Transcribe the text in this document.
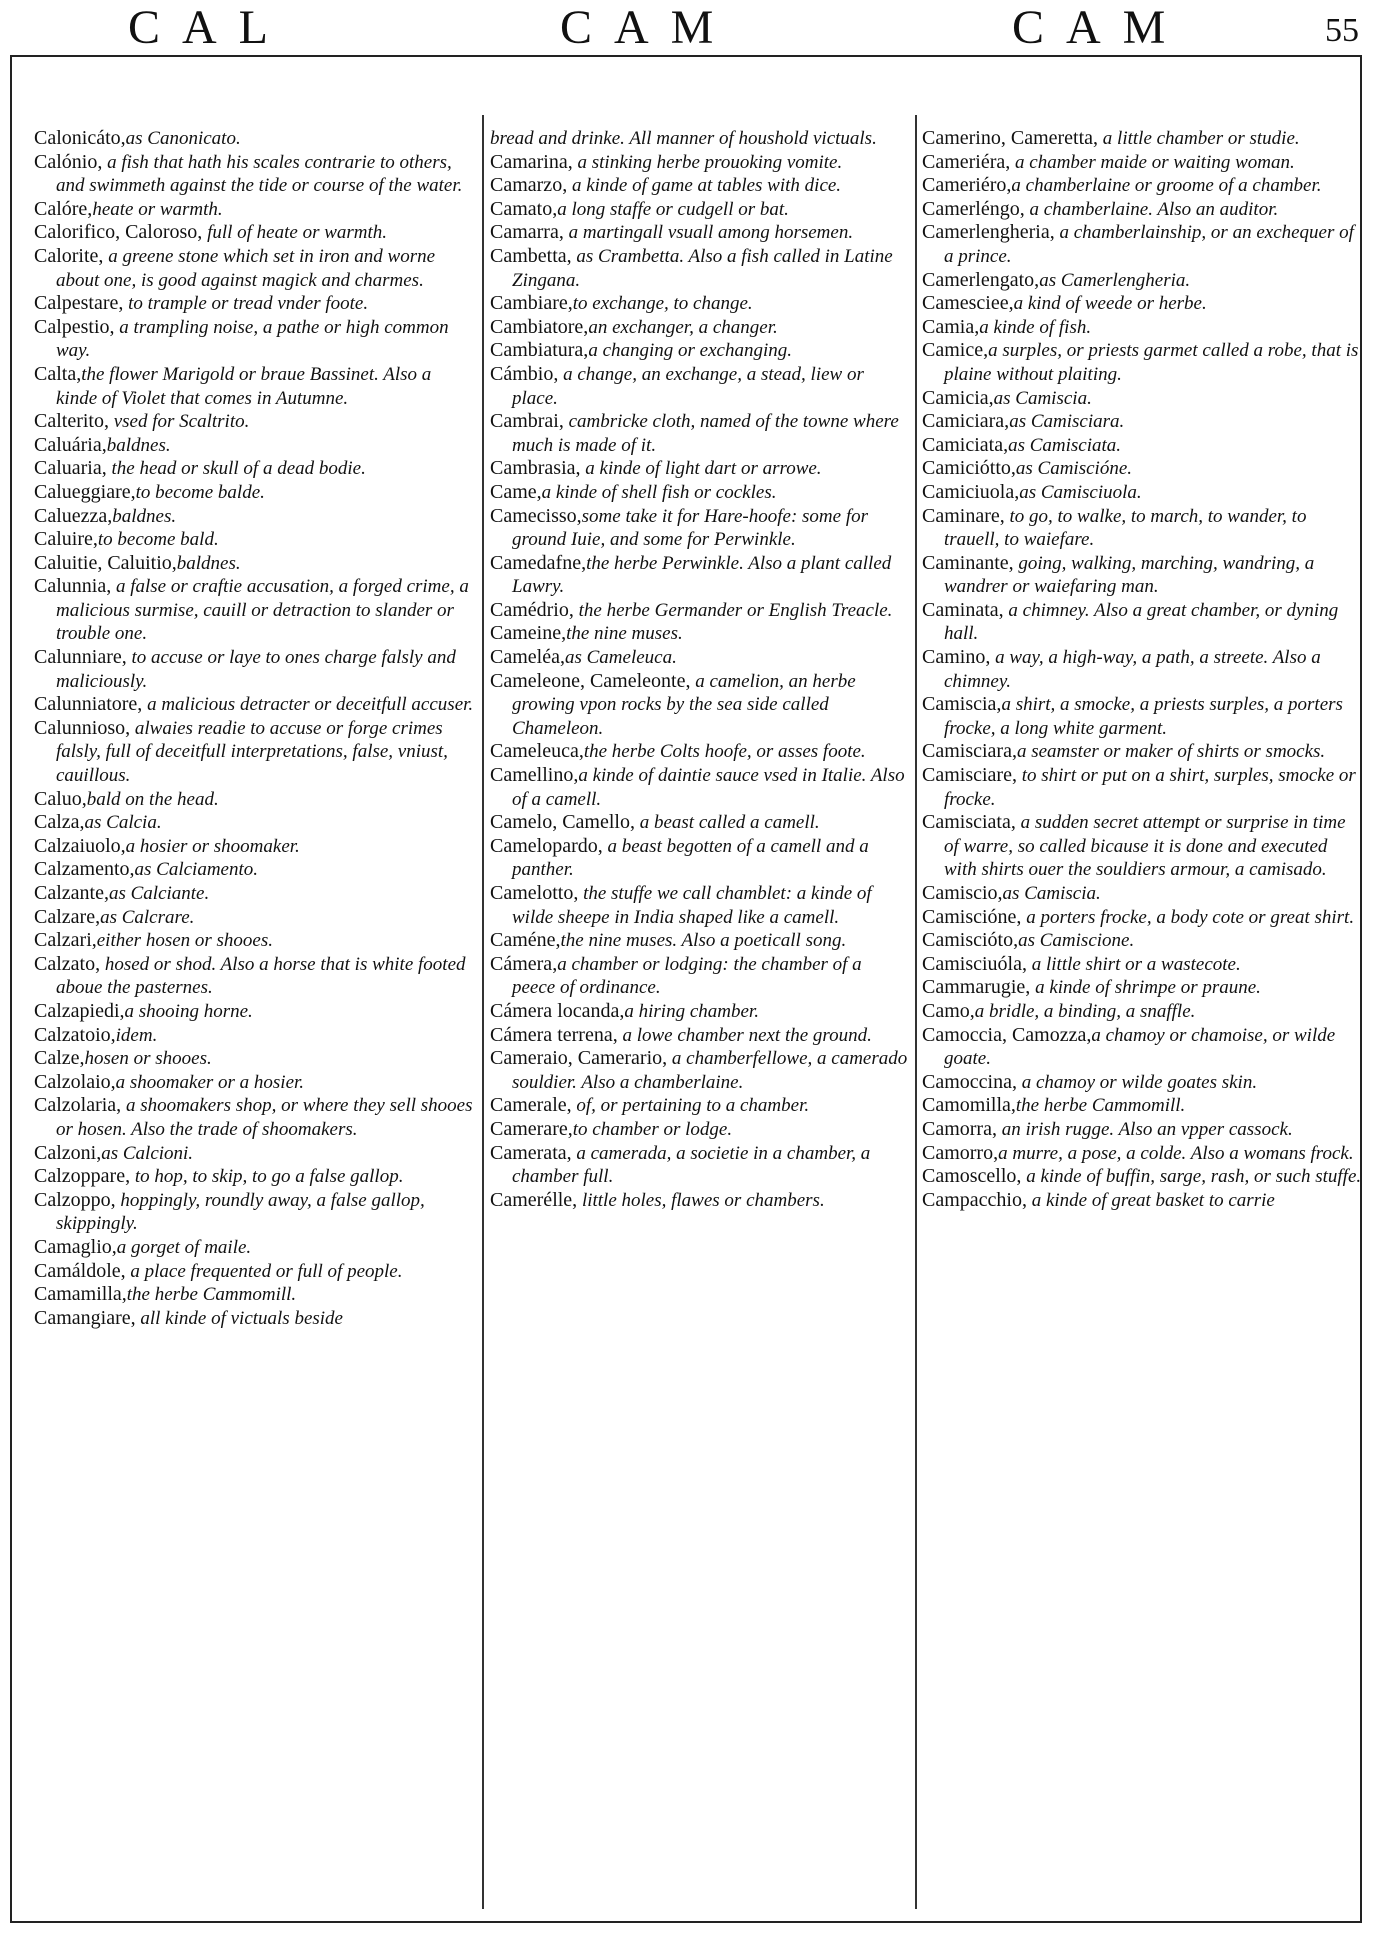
CAL	CAM	CAM	55

Calonicáto,as Canonicato.

Calónio, a fish that hath his scales contrarie to others, and swimmeth against the tide or course of the water.

Calóre,heate or warmth.

Calorifico, Caloroso, full of heate or warmth.

Calorite, a greene stone which set in iron and worne about one, is good against magick and charmes.

Calpestare, to trample or tread vnder foote.

Calpestio, a trampling noise, a pathe or high common way.

Calta,the flower Marigold or braue Bassinet. Also a kinde of Violet that comes in Autumne.

Calterito, vsed for Scaltrito.

Caluária,baldnes.

Caluaria, the head or skull of a dead bodie.

Calueggiare,to become balde.

Caluezza,baldnes.

Caluire,to become bald.

Caluitie, Caluitio,baldnes.

Calunnia, a false or craftie accusation, a forged crime, a malicious surmise, cauill or detraction to slander or trouble one.

Calunniare, to accuse or laye to ones charge falsly and maliciously.

Calunniatore, a malicious detracter or deceitfull accuser.

Calunnioso, alwaies readie to accuse or forge crimes falsly, full of deceitfull interpretations, false, vniust, cauillous.

Caluo,bald on the head.

Calza,as Calcia.

Calzaiuolo,a hosier or shoomaker.

Calzamento,as Calciamento.

Calzante,as Calciante.

Calzare,as Calcrare.

Calzari,either hosen or shooes.

Calzato, hosed or shod. Also a horse that is white footed aboue the pasternes.

Calzapiedi,a shooing horne.

Calzatoio,idem.

Calze,hosen or shooes.

Calzolaio,a shoomaker or a hosier.

Calzolaria, a shoomakers shop, or where they sell shooes or hosen. Also the trade of shoomakers.

Calzoni,as Calcioni.

Calzoppare, to hop, to skip, to go a false gallop.

Calzoppo, hoppingly, roundly away, a false gallop, skippingly.

Camaglio,a gorget of maile.

Camáldole, a place frequented or full of people.

Camamilla,the herbe Cammomill.

Camangiare, all kinde of victuals beside

bread and drinke. All manner of houshold victuals.

Camarina, a stinking herbe prouoking vomite.

Camarzo, a kinde of game at tables with dice.

Camato,a long staffe or cudgell or bat.

Camarra, a martingall vsuall among horsemen.

Cambetta, as Crambetta. Also a fish called in Latine Zingana.

Cambiare,to exchange, to change.

Cambiatore,an exchanger, a changer.

Cambiatura,a changing or exchanging.

Cámbio, a change, an exchange, a stead, liew or place.

Cambrai, cambricke cloth, named of the towne where much is made of it.

Cambrasia, a kinde of light dart or arrowe.

Came,a kinde of shell fish or cockles.

Camecisso,some take it for Hare-hoofe: some for ground Iuie, and some for Perwinkle.

Camedafne,the herbe Perwinkle. Also a plant called Lawry.

Camédrio, the herbe Germander or English Treacle.

Cameine,the nine muses.

Cameléa,as Cameleuca.

Cameleone, Cameleonte, a camelion, an herbe growing vpon rocks by the sea side called Chameleon.

Cameleuca,the herbe Colts hoofe, or asses foote.

Camellino,a kinde of daintie sauce vsed in Italie. Also of a camell.

Camelo, Camello, a beast called a camell.

Camelopardo, a beast begotten of a camell and a panther.

Camelotto, the stuffe we call chamblet: a kinde of wilde sheepe in India shaped like a camell.

Caméne,the nine muses. Also a poeticall song.

Cámera,a chamber or lodging: the chamber of a peece of ordinance.

Cámera locanda,a hiring chamber.

Cámera terrena, a lowe chamber next the ground.

Cameraio, Camerario, a chamberfellowe, a camerado souldier. Also a chamberlaine.

Camerale, of, or pertaining to a chamber.

Camerare,to chamber or lodge.

Camerata, a camerada, a societie in a chamber, a chamber full.

Camerélle, little holes, flawes or chambers.

Camerino, Cameretta, a little chamber or studie.

Cameriéra, a chamber maide or waiting woman.

Cameriéro,a chamberlaine or groome of a chamber.

Camerléngo, a chamberlaine. Also an auditor.

Camerlengheria, a chamberlainship, or an exchequer of a prince.

Camerlengato,as Camerlengheria.

Camesciee,a kind of weede or herbe.

Camia,a kinde of fish.

Camice,a surples, or priests garmet called a robe, that is plaine without plaiting.

Camicia,as Camiscia.

Camiciara,as Camisciara.

Camiciata,as Camisciata.

Camiciótto,as Camiscióne.

Camiciuola,as Camisciuola.

Caminare, to go, to walke, to march, to wander, to trauell, to waiefare.

Caminante, going, walking, marching, wandring, a wandrer or waiefaring man.

Caminata, a chimney. Also a great chamber, or dyning hall.

Camino, a way, a high-way, a path, a streete. Also a chimney.

Camiscia,a shirt, a smocke, a priests surples, a porters frocke, a long white garment.

Camisciara,a seamster or maker of shirts or smocks.

Camisciare, to shirt or put on a shirt, surples, smocke or frocke.

Camisciata, a sudden secret attempt or surprise in time of warre, so called bicause it is done and executed with shirts ouer the souldiers armour, a camisado.

Camiscio,as Camiscia.

Camiscióne, a porters frocke, a body cote or great shirt.

Camiscióto,as Camiscione.

Camisciuóla, a little shirt or a wastecote.

Cammarugie, a kinde of shrimpe or praune.

Camo,a bridle, a binding, a snaffle.

Camoccia, Camozza,a chamoy or chamoise, or wilde goate.

Camoccina, a chamoy or wilde goates skin.

Camomilla,the herbe Cammomill.

Camorra, an irish rugge. Also an vpper cassock.

Camorro,a murre, a pose, a colde. Also a womans frock.

Camoscello, a kinde of buffin, sarge, rash, or such stuffe.

Campacchio, a kinde of great basket to carrie
